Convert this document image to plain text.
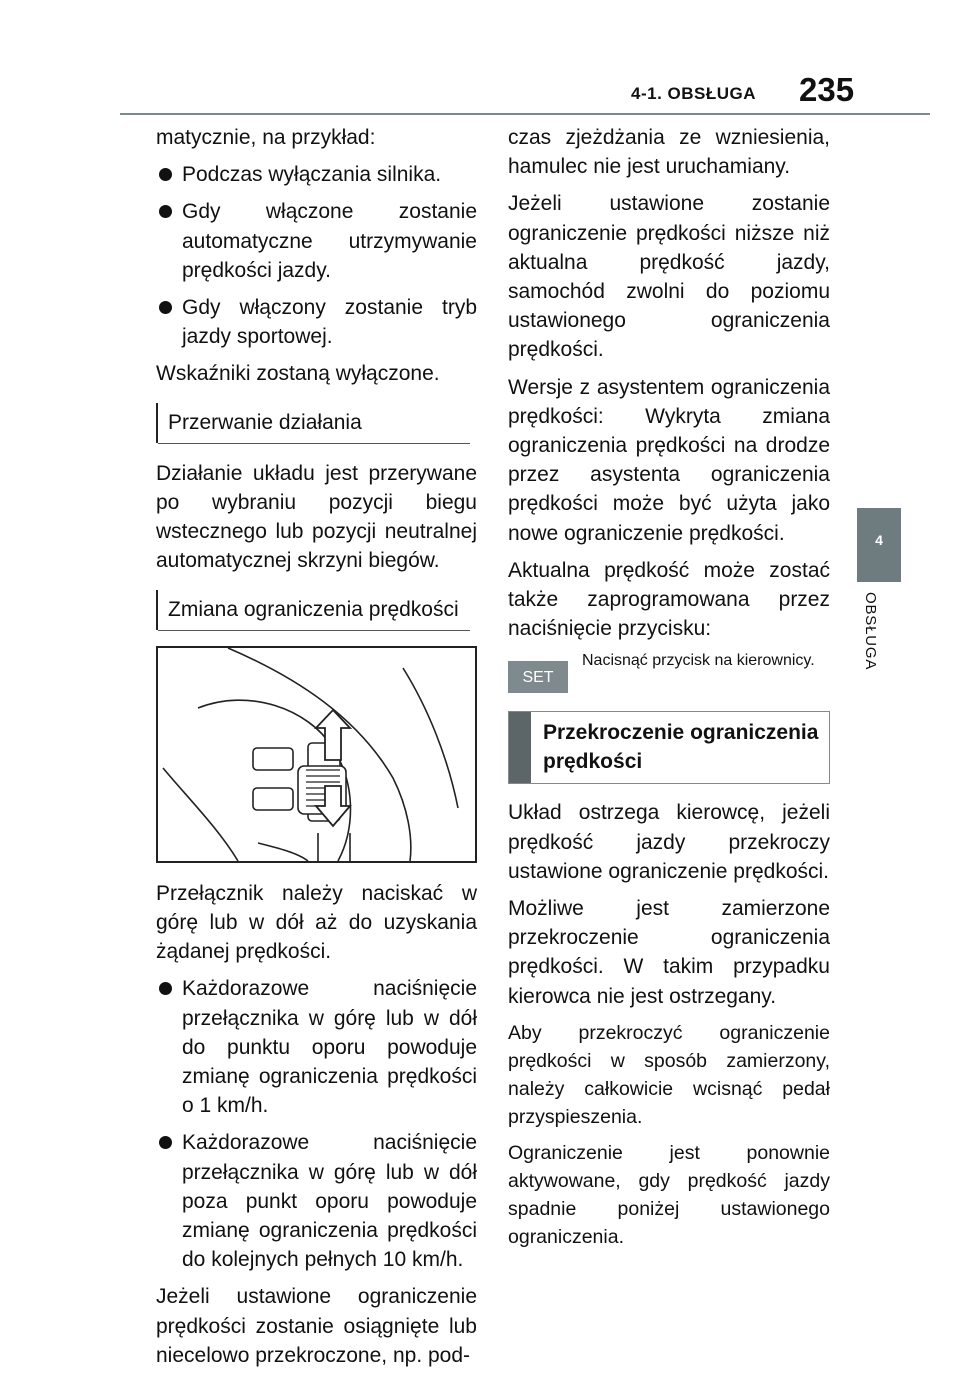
4-1. OBSŁUGA 235
4
OBSŁUGA

matycznie, na przykład:

Podczas wyłączania silnika.

Gdy włączone zostanie automatyczne utrzymywanie prędkości jazdy.

Gdy włączony zostanie tryb jazdy sportowej.

Wskaźniki zostaną wyłączone.

Przerwanie działania

Działanie układu jest przerywane po wybraniu pozycji biegu wstecznego lub pozycji neutralnej automatycznej skrzyni biegów.

Zmiana ograniczenia prędkości

Przełącznik należy naciskać w górę lub w dół aż do uzyskania żądanej prędkości.

Każdorazowe naciśnięcie przełącznika w górę lub w dół do punktu oporu powoduje zmianę ograniczenia prędkości o 1 km/h.

Każdorazowe naciśnięcie przełącznika w górę lub w dół poza punkt oporu powoduje zmianę ograniczenia prędkości do kolejnych pełnych 10 km/h.

Jeżeli ustawione ograniczenie prędkości zostanie osiągnięte lub niecelowo przekroczone, np. pod-

czas zjeżdżania ze wzniesienia, hamulec nie jest uruchamiany.

Jeżeli ustawione zostanie ograniczenie prędkości niższe niż aktualna prędkość jazdy, samochód zwolni do poziomu ustawionego ograniczenia prędkości.

Wersje z asystentem ograniczenia prędkości: Wykryta zmiana ograniczenia prędkości na drodze przez asystenta ograniczenia prędkości może być użyta jako nowe ograniczenie prędkości.

Aktualna prędkość może zostać także zaprogramowana przez naciśnięcie przycisku:

SET
Nacisnąć przycisk na kierownicy.
Przekroczenie ograniczenia prędkości

Układ ostrzega kierowcę, jeżeli prędkość jazdy przekroczy ustawione ograniczenie prędkości.

Możliwe jest zamierzone przekroczenie ograniczenia prędkości. W takim przypadku kierowca nie jest ostrzegany.

Aby przekroczyć ograniczenie prędkości w sposób zamierzony, należy całkowicie wcisnąć pedał przyspieszenia.

Ograniczenie jest ponownie aktywowane, gdy prędkość jazdy spadnie poniżej ustawionego ograniczenia.
